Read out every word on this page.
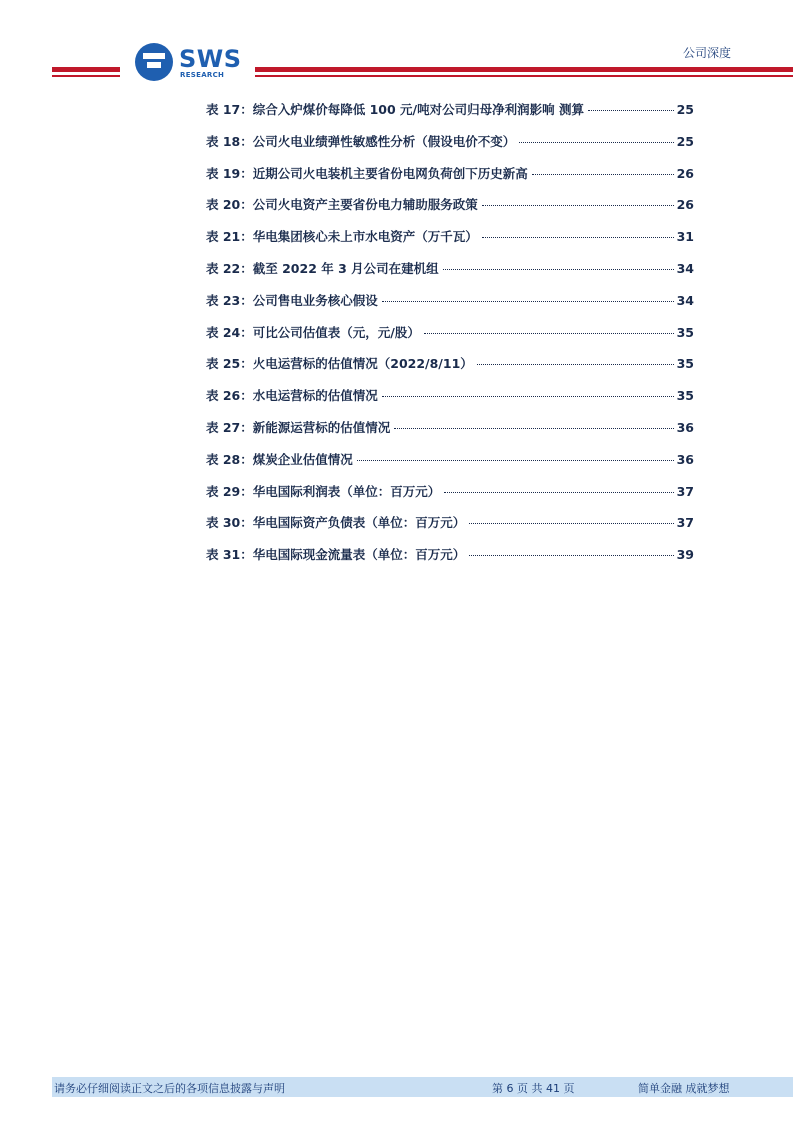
SWS
RESEARCH
公司深度
表 17：综合入炉煤价每降低 100 元/吨对公司归母净利润影响 测算	25
表 18：公司火电业绩弹性敏感性分析（假设电价不变）	25
表 19：近期公司火电装机主要省份电网负荷创下历史新高	26
表 20：公司火电资产主要省份电力辅助服务政策	26
表 21：华电集团核心未上市水电资产（万千瓦）	31
表 22：截至 2022 年 3 月公司在建机组	34
表 23：公司售电业务核心假设	34
表 24：可比公司估值表（元，元/股）	35
表 25：火电运营标的估值情况（2022/8/11）	35
表 26：水电运营标的估值情况	35
表 27：新能源运营标的估值情况	36
表 28：煤炭企业估值情况	36
表 29：华电国际利润表（单位：百万元）	37
表 30：华电国际资产负债表（单位：百万元）	37
表 31：华电国际现金流量表（单位：百万元）	39
请务必仔细阅读正文之后的各项信息披露与声明	第 6 页 共 41 页	简单金融 成就梦想
